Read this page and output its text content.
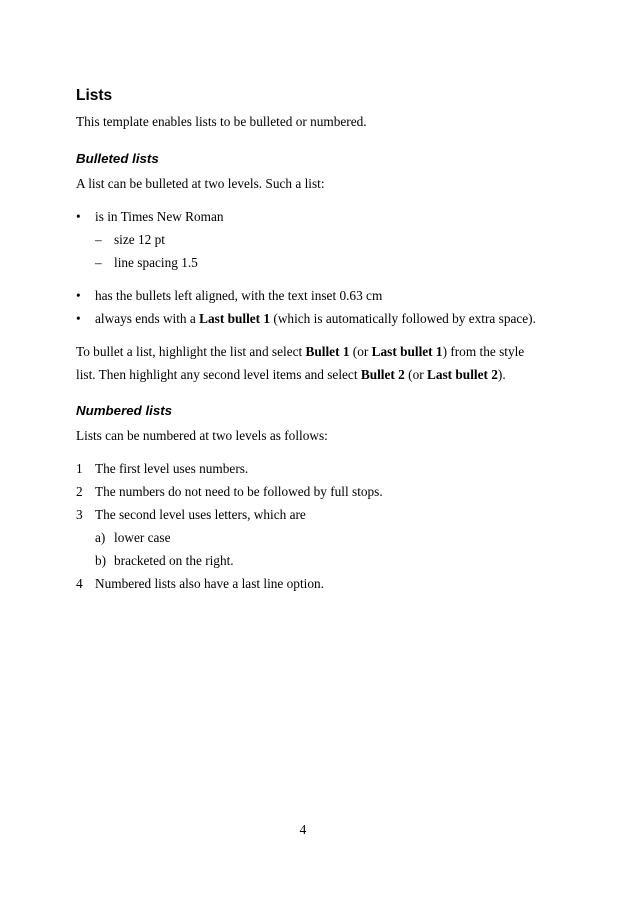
Lists
This template enables lists to be bulleted or numbered.
Bulleted lists
A list can be bulleted at two levels. Such a list:
• is in Times New Roman
– size 12 pt
– line spacing 1.5
• has the bullets left aligned, with the text inset 0.63 cm
• always ends with a Last bullet 1 (which is automatically followed by extra space).
To bullet a list, highlight the list and select Bullet 1 (or Last bullet 1) from the style
list. Then highlight any second level items and select Bullet 2 (or Last bullet 2).
Numbered lists
Lists can be numbered at two levels as follows:
1 The first level uses numbers.
2 The numbers do not need to be followed by full stops.
3 The second level uses letters, which are
a) lower case
b) bracketed on the right.
4 Numbered lists also have a last line option.
4
